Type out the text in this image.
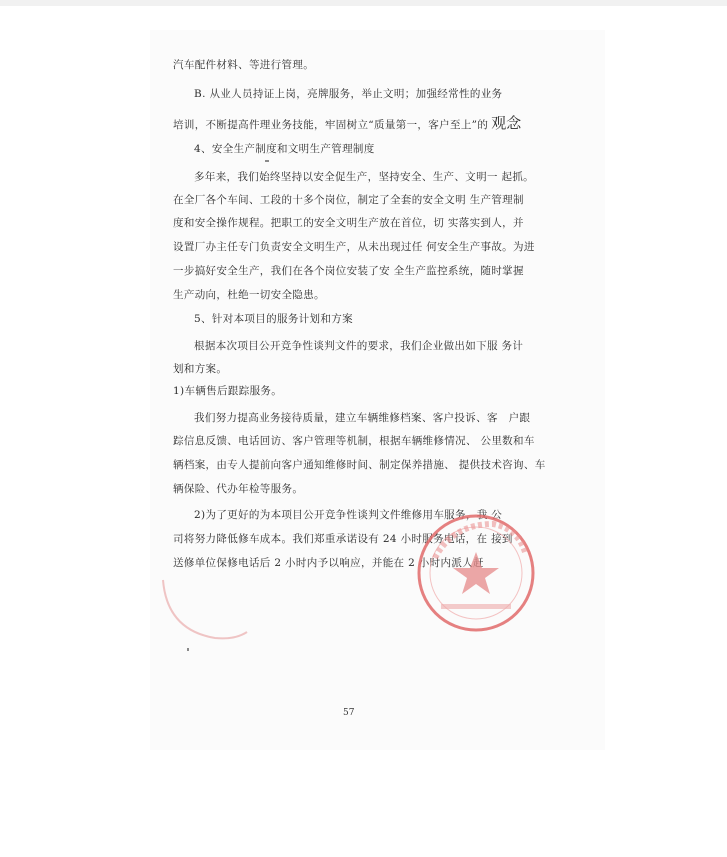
汽车配件材料、等进行管理。
B. 从业人员持证上岗，亮牌服务，举止文明；加强经常性的业务
培训，不断提高件理业务技能，牢固树立“质量第一，客户至上”的 观念
4、安全生产制度和文明生产管理制度
多年来，我们始终坚持以安全促生产，坚持安全、生产、文明一 起抓。
在全厂各个车间、工段的十多个岗位，制定了全套的安全文明 生产管理制
度和安全操作规程。把职工的安全文明生产放在首位，切 实落实到人，并
设置厂办主任专门负责安全文明生产，从未出现过任 何安全生产事故。为进
一步搞好安全生产，我们在各个岗位安装了安 全生产监控系统，随时掌握
生产动向，杜绝一切安全隐患。
5、针对本项目的服务计划和方案
根据本次项目公开竞争性谈判文件的要求，我们企业做出如下服 务计
划和方案。
1)车辆售后跟踪服务。
我们努力提高业务接待质量，建立车辆维修档案、客户投诉、客　户跟
踪信息反馈、电话回访、客户管理等机制，根据车辆维修情况、 公里数和车
辆档案，由专人提前向客户通知维修时间、制定保养措施、 提供技术咨询、车
辆保险、代办年检等服务。
2)为了更好的为本项目公开竞争性谈判文件维修用车服务，我 公
司将努力降低修车成本。我们郑重承诺设有 24 小时服务电话，在 接到
送修单位保修电话后 2 小时内予以响应，并能在 2 小时内派人赶
57
